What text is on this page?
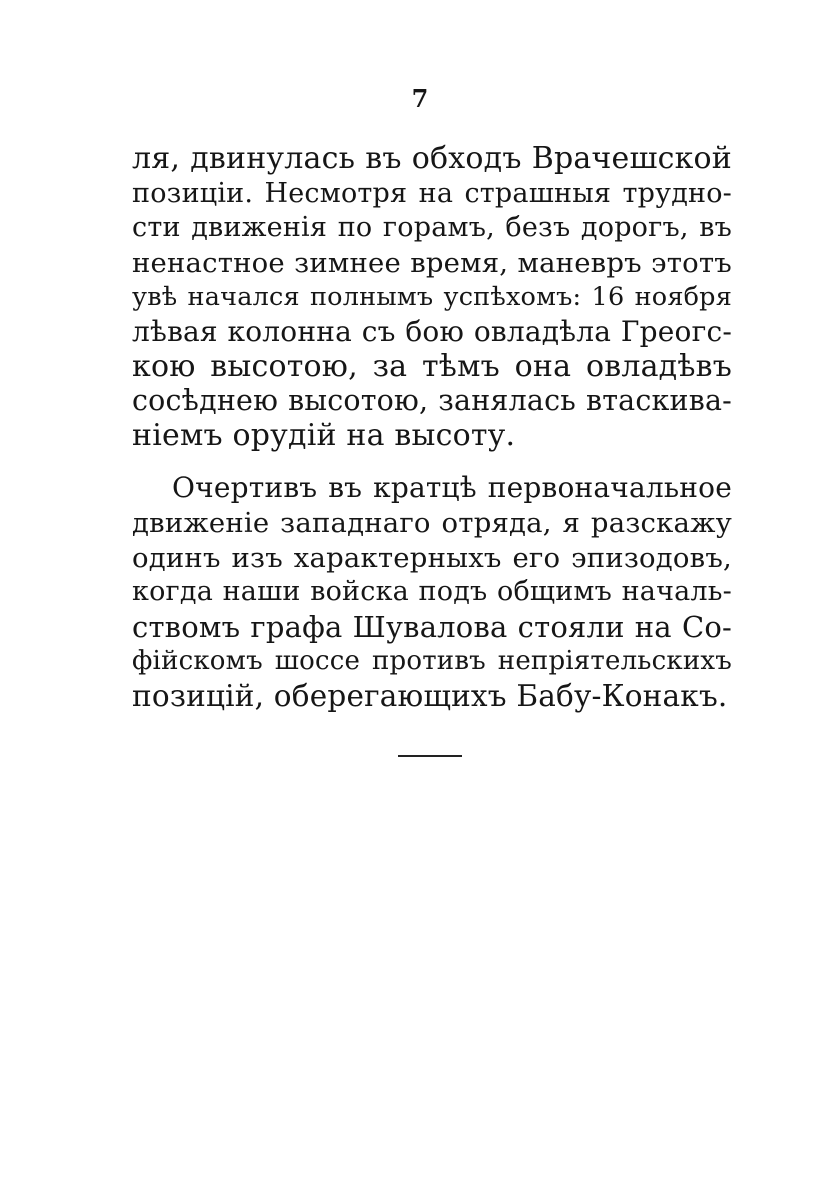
7
ля, двинулась въ обходъ Врачешской
позиціи. Несмотря на страшныя трудно-
сти движенія по горамъ, безъ дорогъ, въ
ненастное зимнее время, маневръ этотъ
увѣ начался полнымъ успѣхомъ: 16 ноября
лѣвая колонна съ бою овладѣла Греогс-
кою высотою, за тѣмъ она овладѣвъ
сосѣднею высотою, занялась втаскива-
ніемъ орудій на высоту.
Очертивъ въ кратцѣ первоначальное
движеніе западнаго отряда, я разскажу
одинъ изъ характерныхъ его эпизодовъ,
когда наши войска подъ общимъ началь-
ствомъ графа Шувалова стояли на Со-
фійскомъ шоссе противъ непріятельскихъ
позицій, оберегающихъ Бабу-Конакъ.
